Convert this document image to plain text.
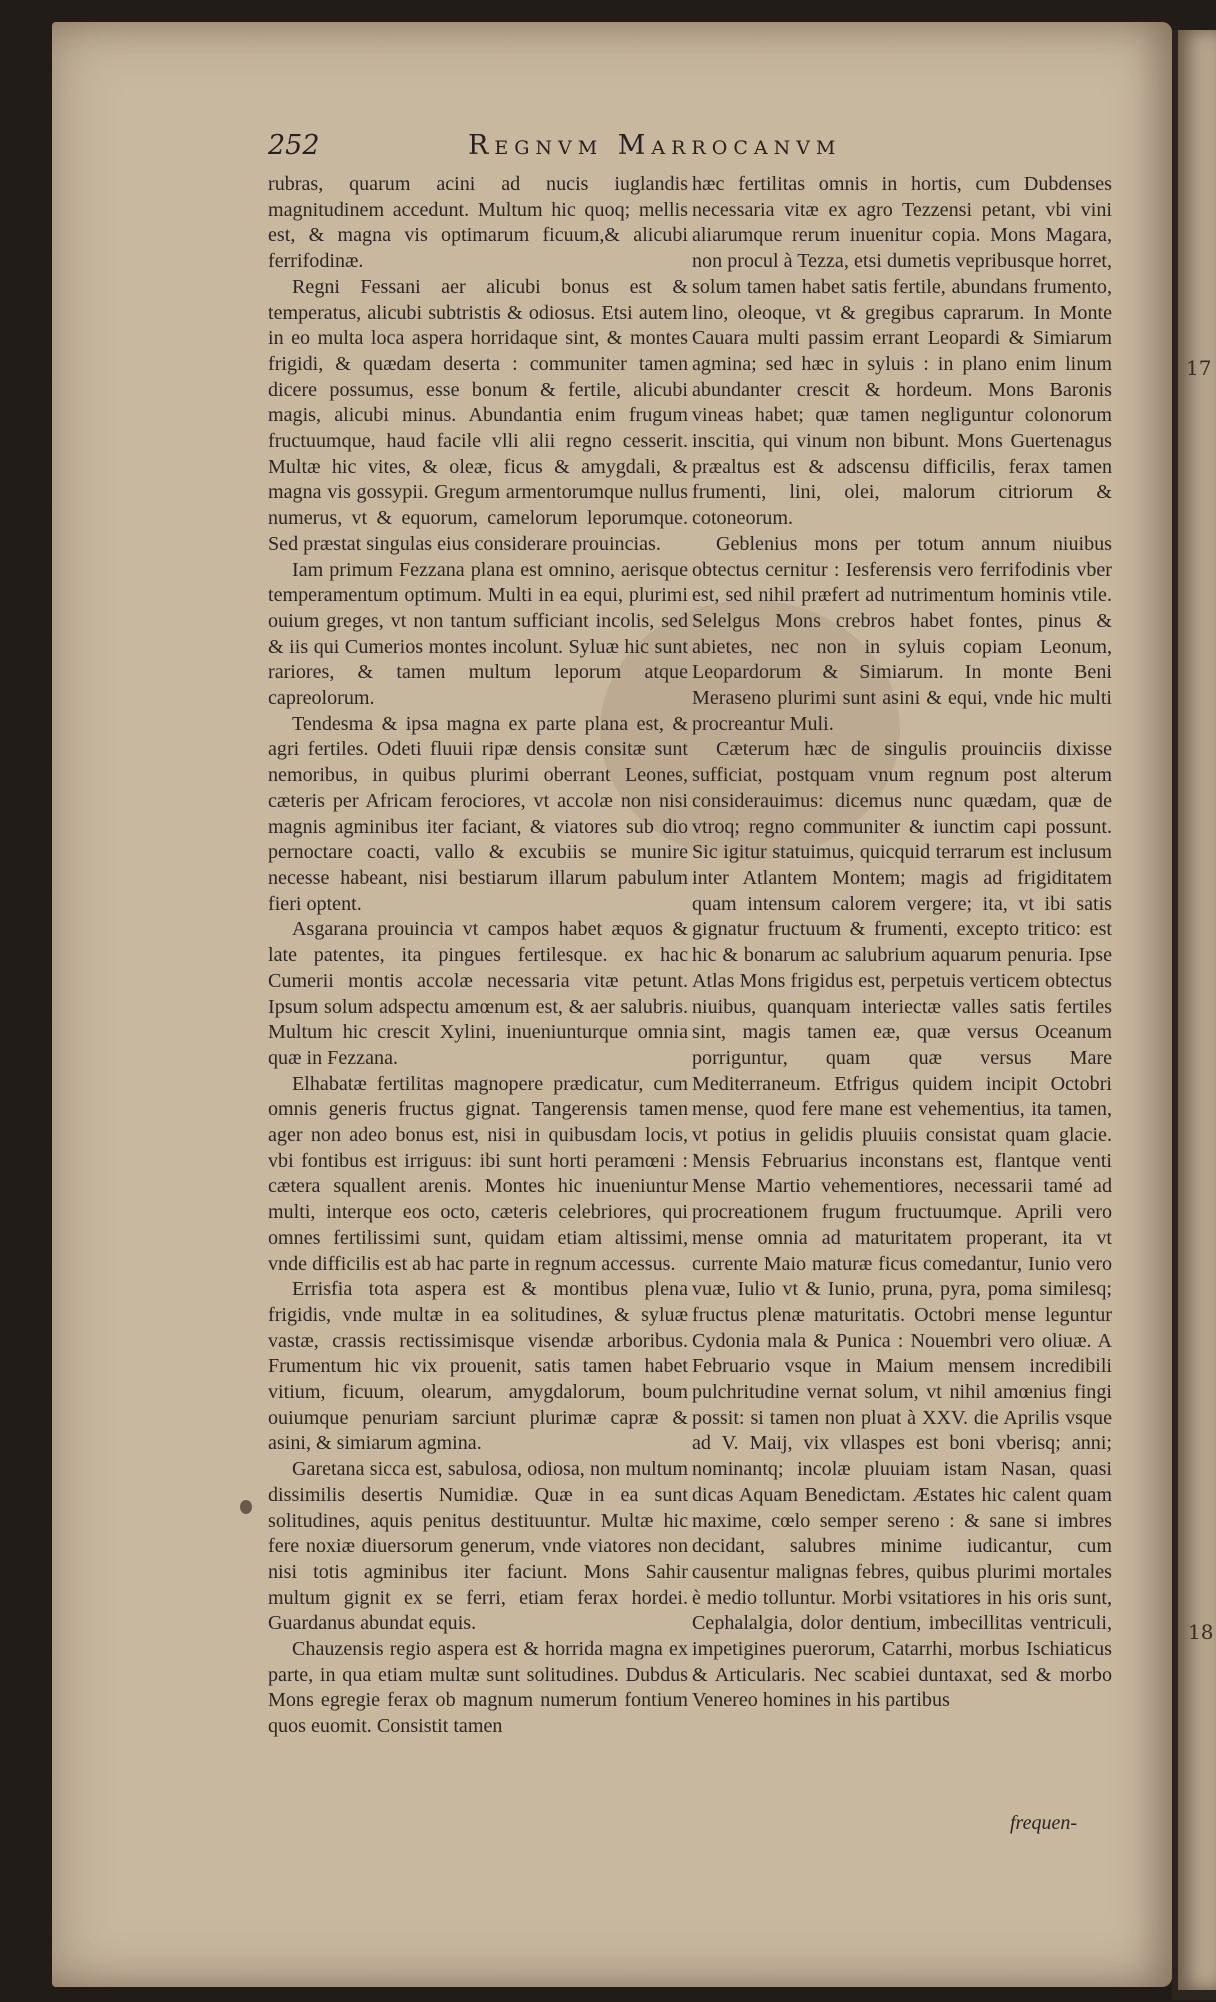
17
18
252	Regnvm Marrocanvm

rubras, quarum acini ad nucis iuglandis magnitudinem accedunt. Multum hic quoq; mellis est, & magna vis optimarum ficuum,& alicubi ferrifodinæ.

Regni Fessani aer alicubi bonus est & temperatus, alicubi subtristis & odiosus. Etsi autem in eo multa loca aspera horridaque sint, & montes frigidi, & quædam deserta : communiter tamen dicere possumus, esse bonum & fertile, alicubi magis, alicubi minus. Abundantia enim frugum fructuumque, haud facile vlli alii regno cesserit. Multæ hic vites, & oleæ, ficus & amygdali, & magna vis gossypii. Gregum armentorumque nullus numerus, vt & equorum, camelorum leporumque. Sed præstat singulas eius considerare prouincias.

Iam primum Fezzana plana est omnino, aerisque temperamentum optimum. Multi in ea equi, plurimi ouium greges, vt non tantum sufficiant incolis, sed & iis qui Cumerios montes incolunt. Syluæ hic sunt rariores, & tamen multum leporum atque capreolorum.

Tendesma & ipsa magna ex parte plana est, & agri fertiles. Odeti fluuii ripæ densis consitæ sunt nemoribus, in quibus plurimi oberrant Leones, cæteris per Africam ferociores, vt accolæ non nisi magnis agminibus iter faciant, & viatores sub dio pernoctare coacti, vallo & excubiis se munire necesse habeant, nisi bestiarum illarum pabulum fieri optent.

Asgarana prouincia vt campos habet æquos & late patentes, ita pingues fertilesque. ex hac Cumerii montis accolæ necessaria vitæ petunt. Ipsum solum adspectu amœnum est, & aer salubris. Multum hic crescit Xylini, inueniunturque omnia quæ in Fezzana.

Elhabatæ fertilitas magnopere prædicatur, cum omnis generis fructus gignat. Tangerensis tamen ager non adeo bonus est, nisi in quibusdam locis, vbi fontibus est irriguus: ibi sunt horti peramœni : cætera squallent arenis. Montes hic inueniuntur multi, interque eos octo, cæteris celebriores, qui omnes fertilissimi sunt, quidam etiam altissimi, vnde difficilis est ab hac parte in regnum accessus.

Errisfia tota aspera est & montibus plena frigidis, vnde multæ in ea solitudines, & syluæ vastæ, crassis rectissimisque visendæ arboribus. Frumentum hic vix prouenit, satis tamen habet vitium, ficuum, olearum, amygdalorum, boum ouiumque penuriam sarciunt plurimæ capræ & asini, & simiarum agmina.

Garetana sicca est, sabulosa, odiosa, non multum dissimilis desertis Numidiæ. Quæ in ea sunt solitudines, aquis penitus destituuntur. Multæ hic fere noxiæ diuersorum generum, vnde viatores non nisi totis agminibus iter faciunt. Mons Sahir multum gignit ex se ferri, etiam ferax hordei. Guardanus abundat equis.

Chauzensis regio aspera est & horrida magna ex parte, in qua etiam multæ sunt solitudines. Dubdus Mons egregie ferax ob magnum numerum fontium quos euomit. Consistit tamen

hæc fertilitas omnis in hortis, cum Dubdenses necessaria vitæ ex agro Tezzensi petant, vbi vini aliarumque rerum inuenitur copia. Mons Magara, non procul à Tezza, etsi dumetis vepribusque horret, solum tamen habet satis fertile, abundans frumento, lino, oleoque, vt & gregibus caprarum. In Monte Cauara multi passim errant Leopardi & Simiarum agmina; sed hæc in syluis : in plano enim linum abundanter crescit & hordeum. Mons Baronis vineas habet; quæ tamen negliguntur colonorum inscitia, qui vinum non bibunt. Mons Guertenagus præaltus est & adscensu difficilis, ferax tamen frumenti, lini, olei, malorum citriorum & cotoneorum.

Geblenius mons per totum annum niuibus obtectus cernitur : Iesferensis vero ferrifodinis vber est, sed nihil præfert ad nutrimentum hominis vtile. Selelgus Mons crebros habet fontes, pinus & abietes, nec non in syluis copiam Leonum, Leopardorum & Simiarum. In monte Beni Meraseno plurimi sunt asini & equi, vnde hic multi procreantur Muli.

Cæterum hæc de singulis prouinciis dixisse sufficiat, postquam vnum regnum post alterum considerauimus: dicemus nunc quædam, quæ de vtroq; regno communiter & iunctim capi possunt. Sic igitur statuimus, quicquid terrarum est inclusum inter Atlantem Montem; magis ad frigiditatem quam intensum calorem vergere; ita, vt ibi satis gignatur fructuum & frumenti, excepto tritico: est hic & bonarum ac salubrium aquarum penuria. Ipse Atlas Mons frigidus est, perpetuis verticem obtectus niuibus, quanquam interiectæ valles satis fertiles sint, magis tamen eæ, quæ versus Oceanum porriguntur, quam quæ versus Mare Mediterraneum. Etfrigus quidem incipit Octobri mense, quod fere mane est vehementius, ita tamen, vt potius in gelidis pluuiis consistat quam glacie. Mensis Februarius inconstans est, flantque venti Mense Martio vehementiores, necessarii tamé ad procreationem frugum fructuumque. Aprili vero mense omnia ad maturitatem properant, ita vt currente Maio maturæ ficus comedantur, Iunio vero vuæ, Iulio vt & Iunio, pruna, pyra, poma similesq; fructus plenæ maturitatis. Octobri mense leguntur Cydonia mala & Punica : Nouembri vero oliuæ. A Februario vsque in Maium mensem incredibili pulchritudine vernat solum, vt nihil amœnius fingi possit: si tamen non pluat à XXV. die Aprilis vsque ad V. Maij, vix vllaspes est boni vberisq; anni; nominantq; incolæ pluuiam istam Nasan, quasi dicas Aquam Benedictam. Æstates hic calent quam maxime, cœlo semper sereno : & sane si imbres decidant, salubres minime iudicantur, cum causentur malignas febres, quibus plurimi mortales è medio tolluntur. Morbi vsitatiores in his oris sunt, Cephalalgia, dolor dentium, imbecillitas ventriculi, impetigines puerorum, Catarrhi, morbus Ischiaticus & Articularis. Nec scabiei duntaxat, sed & morbo Venereo homines in his partibus

frequen-
